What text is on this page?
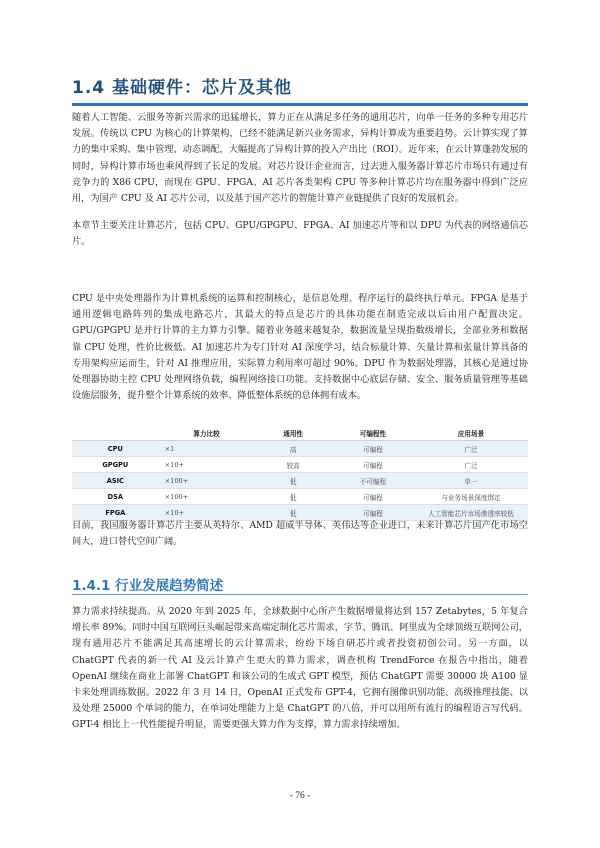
1.4 基础硬件：芯片及其他

随着人工智能、云服务等新兴需求的迅猛增长，算力正在从满足多任务的通用芯片，向单一任务的多种专用芯片发展。传统以 CPU 为核心的计算架构，已经不能满足新兴业务需求，异构计算成为重要趋势。云计算实现了算力的集中采购、集中管理、动态调配，大幅提高了异构计算的投入产出比（ROI）。近年来，在云计算蓬勃发展的同时，异构计算市场也乘风得到了长足的发展。对芯片设计企业而言，过去进入服务器计算芯片市场只有通过有竞争力的 X86 CPU，而现在 GPU、FPGA、AI 芯片各类架构 CPU 等多种计算芯片均在服务器中得到广泛应用，为国产 CPU 及 AI 芯片公司，以及基于国产芯片的智能计算产业链提供了良好的发展机会。

本章节主要关注计算芯片，包括 CPU、GPU/GPGPU、FPGA、AI 加速芯片等和以 DPU 为代表的网络通信芯片。

CPU 是中央处理器作为计算机系统的运算和控制核心，是信息处理、程序运行的最终执行单元。FPGA 是基于通用逻辑电路阵列的集成电路芯片，其最大的特点是芯片的具体功能在制造完成以后由用户配置决定。GPU/GPGPU 是并行计算的主力算力引擎。随着业务越来越复杂，数据流量呈现指数级增长，全部业务和数据靠 CPU 处理，性价比极低。AI 加速芯片为专门针对 AI 深度学习，结合标量计算、矢量计算和张量计算具备的专用架构应运而生，针对 AI 推理应用，实际算力利用率可超过 90%。DPU 作为数据处理器，其核心是通过协处理器协助主控 CPU 处理网络负载，编程网络接口功能。支持数据中心底层存储、安全、服务质量管理等基础设施层服务，提升整个计算系统的效率、降低整体系统的总体拥有成本。

	算力比较	通用性	可编程性	应用场景
CPU	×1	高	可编程	广泛
GPGPU	×10+	较高	可编程	广泛
ASIC	×100+	低	不可编程	单一
DSA	×100+	低	可编程	与业务场景深度绑定
FPGA	×10+	低	可编程	人工智能芯片市场渗透率较低

目前，我国服务器计算芯片主要从英特尔、AMD 超威半导体、英伟达等企业进口，未来计算芯片国产化市场空间大，进口替代空间广阔。

1.4.1 行业发展趋势简述

算力需求持续提高。从 2020 年到 2025 年，全球数据中心所产生数据增量将达到 157 Zetabytes，5 年复合增长率 89%。同时中国互联网巨头崛起带来高端定制化芯片需求，字节、腾讯、阿里成为全球顶级互联网公司，现有通用芯片不能满足其高速增长的云计算需求，纷纷下场自研芯片或者投资初创公司。另一方面，以 ChatGPT 代表的新一代 AI 及云计算产生更大的算力需求，调查机构 TrendForce 在报告中指出，随着 OpenAI 继续在商业上部署 ChatGPT 和该公司的生成式 GPT 模型，预估 ChatGPT 需要 30000 块 A100 显卡来处理训练数据。2022 年 3 月 14 日，OpenAI 正式发布 GPT-4，它拥有图像识别功能、高级推理技能、以及处理 25000 个单词的能力，在单词处理能力上是 ChatGPT 的八倍，并可以用所有流行的编程语言写代码。GPT-4 相比上一代性能提升明显，需要更强大算力作为支撑，算力需求持续增加。

- 76 -
